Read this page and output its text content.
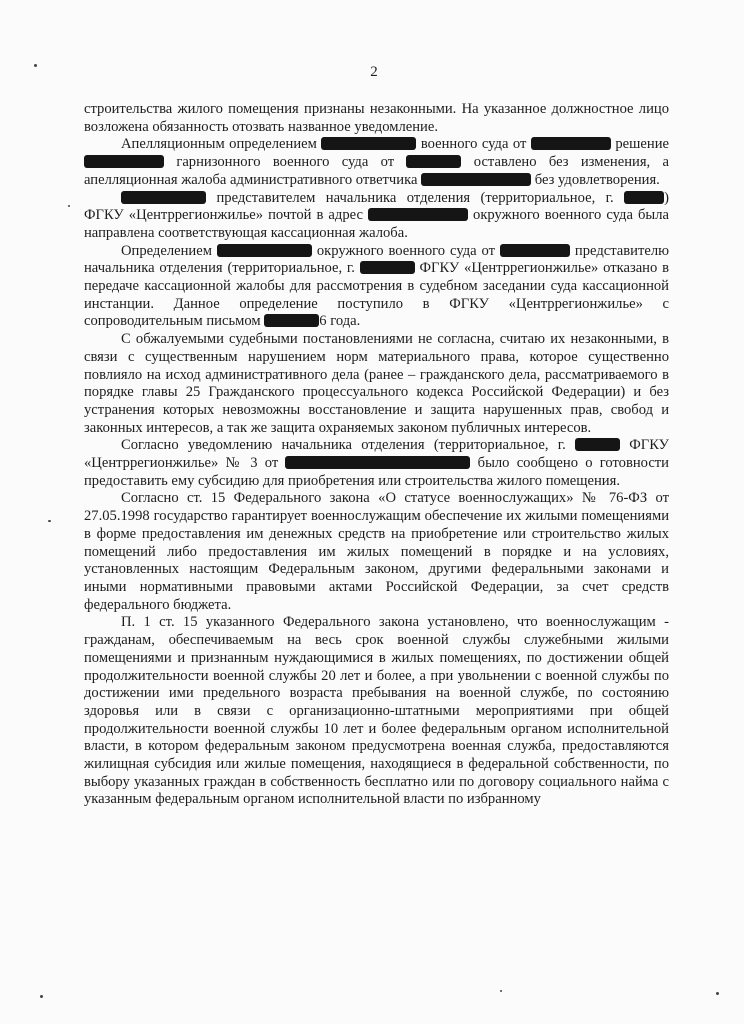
2

строительства жилого помещения признаны незаконными. На указанное должностное лицо возложена обязанность отозвать названное уведомление.

Апелляционным определением	военного суда от	решение  гарнизонного военного суда от	оставлено без изменения, а апелляционная жалоба административного ответчика	без удовлетворения.

представителем начальника отделения (территориальное, г.	) ФГКУ «Центррегионжилье» почтой в адрес	окружного военного суда была направлена соответствующая кассационная жалоба.

Определением	окружного военного суда от	представителю начальника отделения (территориальное, г.	ФГКУ «Центррегионжилье» отказано в передаче кассационной жалобы для рассмотрения в судебном заседании суда кассационной инстанции. Данное определение поступило в ФГКУ «Центррегионжилье» с сопроводительным письмом	6 года.

С обжалуемыми судебными постановлениями не согласна, считаю их незаконными, в связи с существенным нарушением норм материального права, которое существенно повлияло на исход административного дела (ранее – гражданского дела, рассматриваемого в порядке главы 25 Гражданского процессуального кодекса Российской Федерации) и без устранения которых невозможны восстановление и защита нарушенных прав, свобод и законных интересов, а так же защита охраняемых законом публичных интересов.

Согласно уведомлению начальника отделения (территориальное, г.	ФГКУ «Центррегионжилье» № 3 от	было сообщено о готовности предоставить ему субсидию для приобретения или строительства жилого помещения.

Согласно ст. 15 Федерального закона «О статусе военнослужащих» № 76-ФЗ от 27.05.1998 государство гарантирует военнослужащим обеспечение их жилыми помещениями в форме предоставления им денежных средств на приобретение или строительство жилых помещений либо предоставления им жилых помещений в порядке и на условиях, установленных настоящим Федеральным законом, другими федеральными законами и иными нормативными правовыми актами Российской Федерации, за счет средств федерального бюджета.

П. 1 ст. 15 указанного Федерального закона установлено, что военнослужащим - гражданам, обеспечиваемым на весь срок военной службы служебными жилыми помещениями и признанным нуждающимися в жилых помещениях, по достижении общей продолжительности военной службы 20 лет и более, а при увольнении с военной службы по достижении ими предельного возраста пребывания на военной службе, по состоянию здоровья или в связи с организационно-штатными мероприятиями при общей продолжительности военной службы 10 лет и более федеральным органом исполнительной власти, в котором федеральным законом предусмотрена военная служба, предоставляются жилищная субсидия или жилые помещения, находящиеся в федеральной собственности, по выбору указанных граждан в собственность бесплатно или по договору социального найма с указанным федеральным органом исполнительной власти по избранному
